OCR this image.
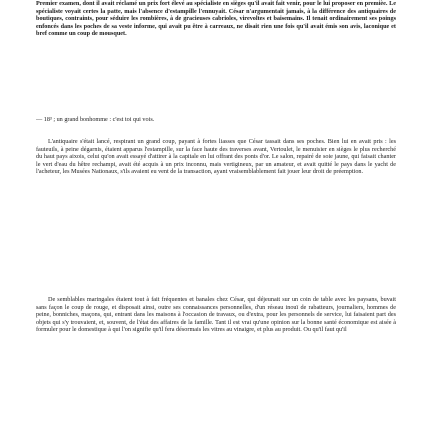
Premier examen, dont il avait réclamé un prix fort élevé au spécialiste en sièges qu'il avait fait venir, pour le lui proposer en premièe. Le spécialiste voyait certes la patte, mais l'absence d'estampille l'ennuyait. César n'argumentait jamais, à la différence des antiquaires de boutiques, contraints, pour séduire les rombières, à de gracieuses cabrioles, virevoltes et baisemains. Il tenait ordinairement ses poings enfoncés dans les poches de sa veste informe, qui avait pu être à carreaux, ne disait rien une fois qu'il avait émis son avis, laconique et bref comme un coup de mousquet.

— 18³ ; un grand bonhomme : c'est toi qui vois.

L'antiquaire s'était lancé, respirant un grand coup, payant à fortes liasses que César tassait dans ses poches. Bien lui en avait pris : les fauteuils, à peine dégarnis, étaient apparus l'estampille, sur la face haute des traverses avant, Vertoulet, le menuisier en sièges le plus recherché du haut pays aixois, celui qu'on avait essayé d'attirer à la capitale en lui offrant des ponts d'or. Le salon, repairé de soie jaune, qui faisait chanter le vert d'eau du hêtre rechampi, avait été acquis à un prix inconnu, mais vertigineux, par un amateur, et avait quitté le pays dans le yacht de l'acheteur, les Musées Nationaux, s'ils avaient eu vent de la transaction, ayant vraisemblablement fait jouer leur droit de préemption.

De semblables maringales étaient tout à fait fréquentes et banales chez César, qui déjeunait sur un coin de table avec les paysans, buvait sans façon le coup de rouge, et disposait ainsi, outre ses connaissances personnelles, d'un réseau inouï de rabatteurs, journaliers, hommes de peine, bonniches, maçons, qui, entrant dans les maisons à l'occasion de travaux, ou d'extra, pour les personnels de service, lui faisaient part des objets qui s'y trouvaient, et, souvent, de l'état des affaires de la famille. Tant il est vrai qu'une opinion sur la bonne santé économique est aisée à formuler pour le domestique à qui l'on signifie qu'il fera désormais les vitres au vinaigre, et plus au produit. Ou qu'il faut qu'il
